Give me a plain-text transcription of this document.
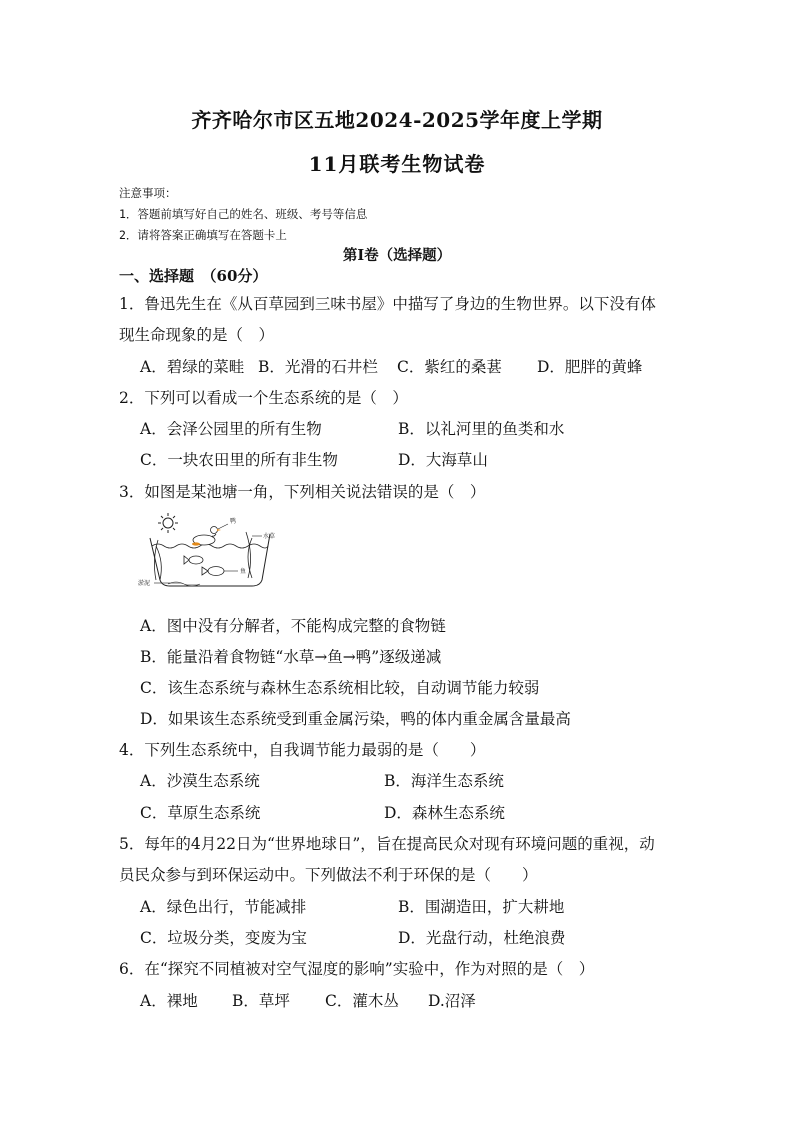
齐齐哈尔市区五地2024-2025学年度上学期
11月联考生物试卷
注意事项：
1．答题前填写好自己的姓名、班级、考号等信息
2．请将答案正确填写在答题卡上
第I卷（选择题）
一、选择题　（60分）
1．鲁迅先生在《从百草园到三味书屋》中描写了身边的生物世界。以下没有体
现生命现象的是（　）
A．碧绿的菜畦 B．光滑的石井栏 C．紫红的桑葚 D．肥胖的黄蜂
2．下列可以看成一个生态系统的是（　）
A．会泽公园里的所有生物	B．以礼河里的鱼类和水
C．一块农田里的所有非生物	D．大海草山
3．如图是某池塘一角，下列相关说法错误的是（　）
鸭
水草
鱼
淤泥
A．图中没有分解者，不能构成完整的食物链
B．能量沿着食物链“水草→鱼→鸭”逐级递减
C．该生态系统与森林生态系统相比较，自动调节能力较弱
D．如果该生态系统受到重金属污染，鸭的体内重金属含量最高
4．下列生态系统中，自我调节能力最弱的是（　　）
A．沙漠生态系统	B．海洋生态系统
C．草原生态系统	D．森林生态系统
5．每年的4月22日为“世界地球日”，旨在提高民众对现有环境问题的重视，动
员民众参与到环保运动中。下列做法不利于环保的是（　　）
A．绿色出行，节能减排	B．围湖造田，扩大耕地
C．垃圾分类，变废为宝	D．光盘行动，杜绝浪费
6．在“探究不同植被对空气湿度的影响”实验中，作为对照的是（　）
A．裸地 B．草坪 C．灌木丛 D.沼泽
